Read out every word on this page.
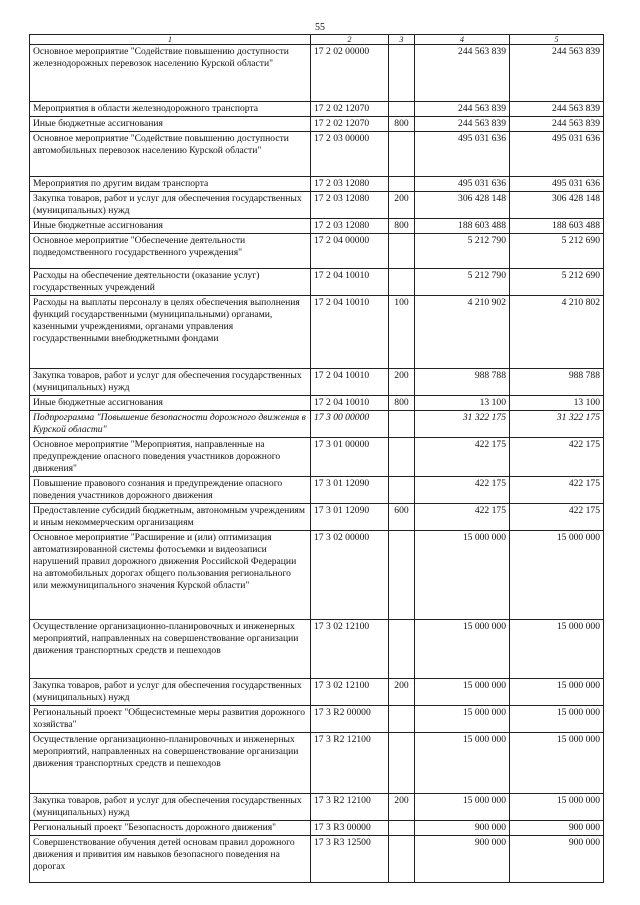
55
1	2	3	4	5
Основное мероприятие "Содействие повышению доступности железнодорожных перевозок населению Курской области"	17 2 02 00000		244 563 839	244 563 839
Мероприятия в области железнодорожного транспорта	17 2 02 12070		244 563 839	244 563 839
Иные бюджетные ассигнования	17 2 02 12070	800	244 563 839	244 563 839
Основное мероприятие "Содействие повышению доступности автомобильных перевозок населению Курской области"	17 2 03 00000		495 031 636	495 031 636
Мероприятия по другим видам транспорта	17 2 03 12080		495 031 636	495 031 636
Закупка товаров, работ и услуг для обеспечения государственных (муниципальных) нужд	17 2 03 12080	200	306 428 148	306 428 148
Иные бюджетные ассигнования	17 2 03 12080	800	188 603 488	188 603 488
Основное мероприятие "Обеспечение деятельности подведомственного государственного учреждения"	17 2 04 00000		5 212 790	5 212 690
Расходы на обеспечение деятельности (оказание услуг) государственных учреждений	17 2 04 10010		5 212 790	5 212 690
Расходы на выплаты персоналу в целях обеспечения выполнения функций государственными (муниципальными) органами, казенными учреждениями, органами управления государственными внебюджетными фондами	17 2 04 10010	100	4 210 902	4 210 802
Закупка товаров, работ и услуг для обеспечения государственных (муниципальных) нужд	17 2 04 10010	200	988 788	988 788
Иные бюджетные ассигнования	17 2 04 10010	800	13 100	13 100
Подпрограмма "Повышение безопасности дорожного движения в Курской области"	17 3 00 00000		31 322 175	31 322 175
Основное мероприятие "Мероприятия, направленные на предупреждение опасного поведения участников дорожного движения"	17 3 01 00000		422 175	422 175
Повышение правового сознания и предупреждение опасного поведения участников дорожного движения	17 3 01 12090		422 175	422 175
Предоставление субсидий бюджетным, автономным учреждениям и иным некоммерческим организациям	17 3 01 12090	600	422 175	422 175
Основное мероприятие "Расширение и (или) оптимизация автоматизированной системы фотосъемки и видеозаписи нарушений правил дорожного движения Российской Федерации на автомобильных дорогах общего пользования регионального или межмуниципального значения Курской области"	17 3 02 00000		15 000 000	15 000 000
Осуществление организационно-планировочных и инженерных мероприятий, направленных на совершенствование организации движения транспортных средств и пешеходов	17 3 02 12100		15 000 000	15 000 000
Закупка товаров, работ и услуг для обеспечения государственных (муниципальных) нужд	17 3 02 12100	200	15 000 000	15 000 000
Региональный проект "Общесистемные меры развития дорожного хозяйства"	17 3 R2 00000		15 000 000	15 000 000
Осуществление организационно-планировочных и инженерных мероприятий, направленных на совершенствование организации движения транспортных средств и пешеходов	17 3 R2 12100		15 000 000	15 000 000
Закупка товаров, работ и услуг для обеспечения государственных (муниципальных) нужд	17 3 R2 12100	200	15 000 000	15 000 000
Региональный проект "Безопасность дорожного движения"	17 3 R3 00000		900 000	900 000
Совершенствование обучения детей основам правил дорожного движения и привития им навыков безопасного поведения на дорогах	17 3 R3 12500		900 000	900 000
